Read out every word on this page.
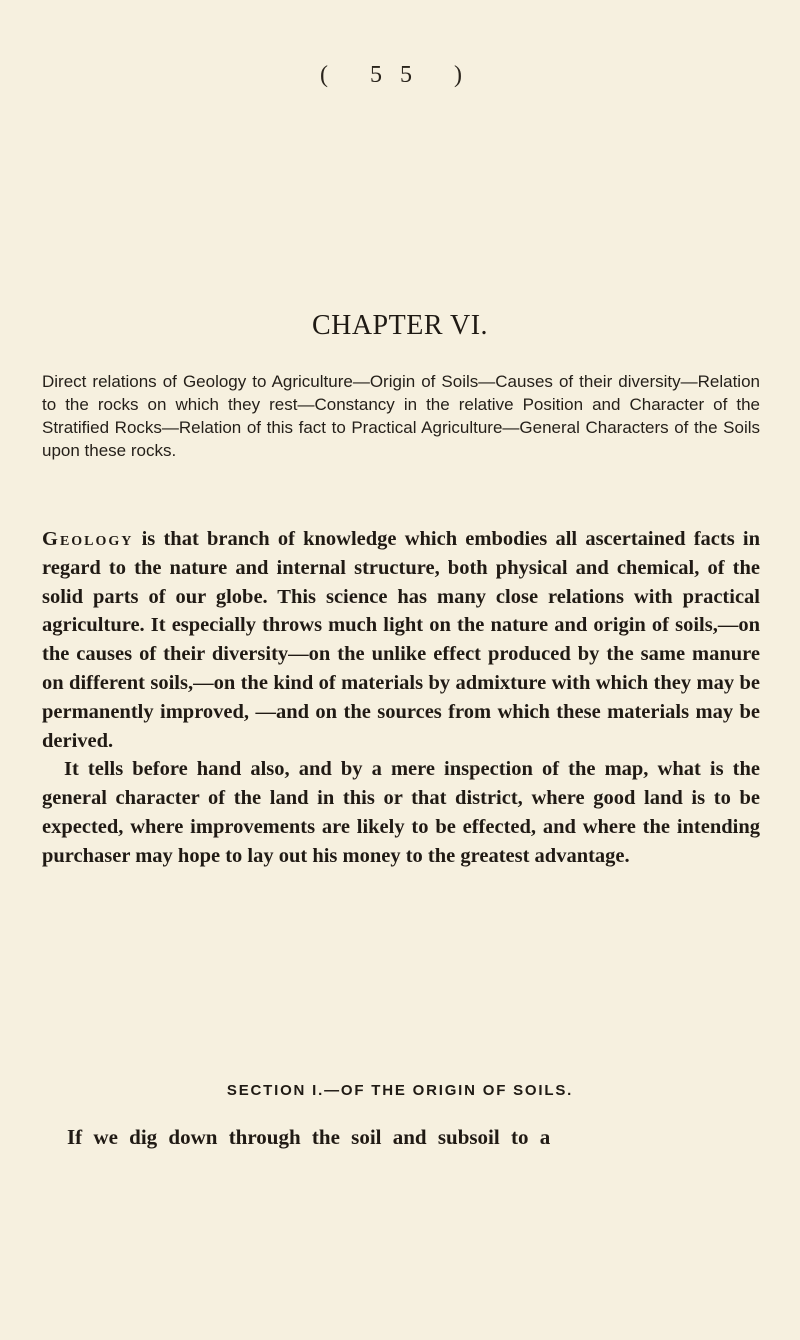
( 55 )
CHAPTER VI.

Direct relations of Geology to Agriculture—Origin of Soils—Causes of their diversity—Relation to the rocks on which they rest—Constancy in the relative Position and Character of the Stratified Rocks—Relation of this fact to Practical Agriculture—General Characters of the Soils upon these rocks.

Geology is that branch of knowledge which embodies all ascertained facts in regard to the nature and internal structure, both physical and chemical, of the solid parts of our globe. This science has many close relations with practical agriculture. It especially throws much light on the nature and origin of soils,—on the causes of their diversity—on the unlike effect produced by the same manure on different soils,—on the kind of materials by admixture with which they may be permanently improved, —and on the sources from which these materials may be derived.

It tells before hand also, and by a mere inspection of the map, what is the general character of the land in this or that district, where good land is to be expected, where improvements are likely to be effected, and where the intending purchaser may hope to lay out his money to the greatest advantage.

SECTION I.—OF THE ORIGIN OF SOILS.

If we dig down through the soil and subsoil to a
